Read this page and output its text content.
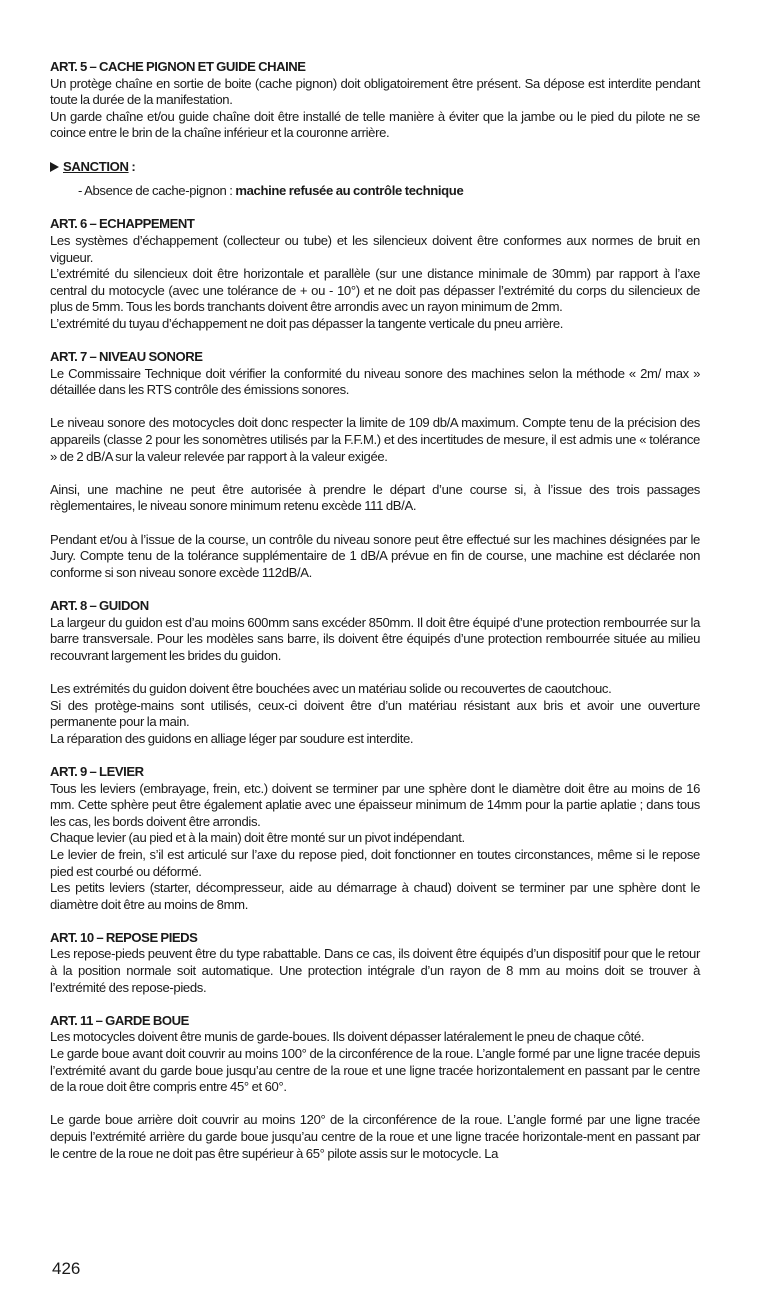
ART. 5 – CACHE PIGNON ET GUIDE CHAINE

Un protège chaîne en sortie de boite (cache pignon) doit obligatoirement être présent. Sa dépose est interdite pendant toute la durée de la manifestation.

Un garde chaîne et/ou guide chaîne doit être installé de telle manière à éviter que la jambe ou le pied du pilote ne se coince entre le brin de la chaîne inférieur et la couronne arrière.

SANCTION :

- Absence de cache-pignon : machine refusée au contrôle technique

ART. 6 – ECHAPPEMENT

Les systèmes d’échappement (collecteur ou tube) et les silencieux doivent être conformes aux normes de bruit en vigueur.

L’extrémité du silencieux doit être horizontale et parallèle (sur une distance minimale de 30mm) par rapport à l’axe central du motocycle (avec une tolérance de + ou - 10°) et ne doit pas dépasser l’extrémité du corps du silencieux de plus de 5mm. Tous les bords tranchants doivent être arrondis avec un rayon minimum de 2mm.

L’extrémité du tuyau d’échappement ne doit pas dépasser la tangente verticale du pneu arrière.

ART. 7 – NIVEAU SONORE

Le Commissaire Technique doit vérifier la conformité du niveau sonore des machines selon la méthode « 2m/ max » détaillée dans les RTS contrôle des émissions sonores.

Le niveau sonore des motocycles doit donc respecter la limite de 109 db/A maximum. Compte tenu de la précision des appareils (classe 2 pour les sonomètres utilisés par la F.F.M.) et des incertitudes de mesure, il est admis une « tolérance » de 2 dB/A sur la valeur relevée par rapport à la valeur exigée.

Ainsi, une machine ne peut être autorisée à prendre le départ d’une course si, à l’issue des trois passages règlementaires, le niveau sonore minimum retenu excède 111 dB/A.

Pendant et/ou à l’issue de la course, un contrôle du niveau sonore peut être effectué sur les machines désignées par le Jury. Compte tenu de la tolérance supplémentaire de 1 dB/A prévue en fin de course, une machine est déclarée non conforme si son niveau sonore excède 112dB/A.

ART. 8 – GUIDON

La largeur du guidon est d’au moins 600mm sans excéder 850mm. Il doit être équipé d’une protection rembourrée sur la barre transversale. Pour les modèles sans barre, ils doivent être équipés d’une protection rembourrée située au milieu recouvrant largement les brides du guidon.

Les extrémités du guidon doivent être bouchées avec un matériau solide ou recouvertes de caoutchouc.

Si des protège-mains sont utilisés, ceux-ci doivent être d’un matériau résistant aux bris et avoir une ouverture permanente pour la main.

La réparation des guidons en alliage léger par soudure est interdite.

ART. 9 – LEVIER

Tous les leviers (embrayage, frein, etc.) doivent se terminer par une sphère dont le diamètre doit être au moins de 16 mm. Cette sphère peut être également aplatie avec une épaisseur minimum de 14mm pour la partie aplatie ; dans tous les cas, les bords doivent être arrondis.

Chaque levier (au pied et à la main) doit être monté sur un pivot indépendant.

Le levier de frein, s’il est articulé sur l’axe du repose pied, doit fonctionner en toutes circonstances, même si le repose pied est courbé ou déformé.

Les petits leviers (starter, décompresseur, aide au démarrage à chaud) doivent se terminer par une sphère dont le diamètre doit être au moins de 8mm.

ART. 10 – REPOSE PIEDS

Les repose-pieds peuvent être du type rabattable. Dans ce cas, ils doivent être équipés d’un dispositif pour que le retour à la position normale soit automatique. Une protection intégrale d’un rayon de 8 mm au moins doit se trouver à l’extrémité des repose-pieds.

ART. 11 – GARDE BOUE

Les motocycles doivent être munis de garde-boues. Ils doivent dépasser latéralement le pneu de chaque côté.

Le garde boue avant doit couvrir au moins 100° de la circonférence de la roue. L’angle formé par une ligne tracée depuis l’extrémité avant du garde boue jusqu’au centre de la roue et une ligne tracée horizontalement en passant par le centre de la roue doit être compris entre 45° et 60°.

Le garde boue arrière doit couvrir au moins 120° de la circonférence de la roue. L’angle formé par une ligne tracée depuis l’extrémité arrière du garde boue jusqu’au centre de la roue et une ligne tracée horizontale-ment en passant par le centre de la roue ne doit pas être supérieur à 65° pilote assis sur le motocycle. La

426
